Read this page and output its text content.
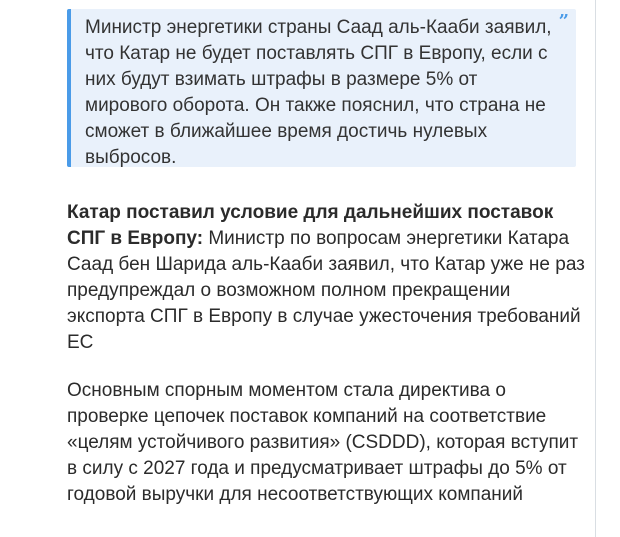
Министр энергетики страны Саад аль-Кааби заявил, что Катар не будет поставлять СПГ в Европу, если с них будут взимать штрафы в размере 5% от мирового оборота. Он также пояснил, что страна не сможет в ближайшее время достичь нулевых выбросов.

”

Катар поставил условие для дальнейших поставок СПГ в Европу: Министр по вопросам энергетики Катара Саад бен Шарида аль-Кааби заявил, что Катар уже не раз предупреждал о возможном полном прекращении экспорта СПГ в Европу в случае ужесточения требований ЕС

Основным спорным моментом стала директива о проверке цепочек поставок компаний на соответствие «целям устойчивого развития» (CSDDD), которая вступит в силу с 2027 года и предусматривает штрафы до 5% от годовой выручки для несоответствующих компаний
